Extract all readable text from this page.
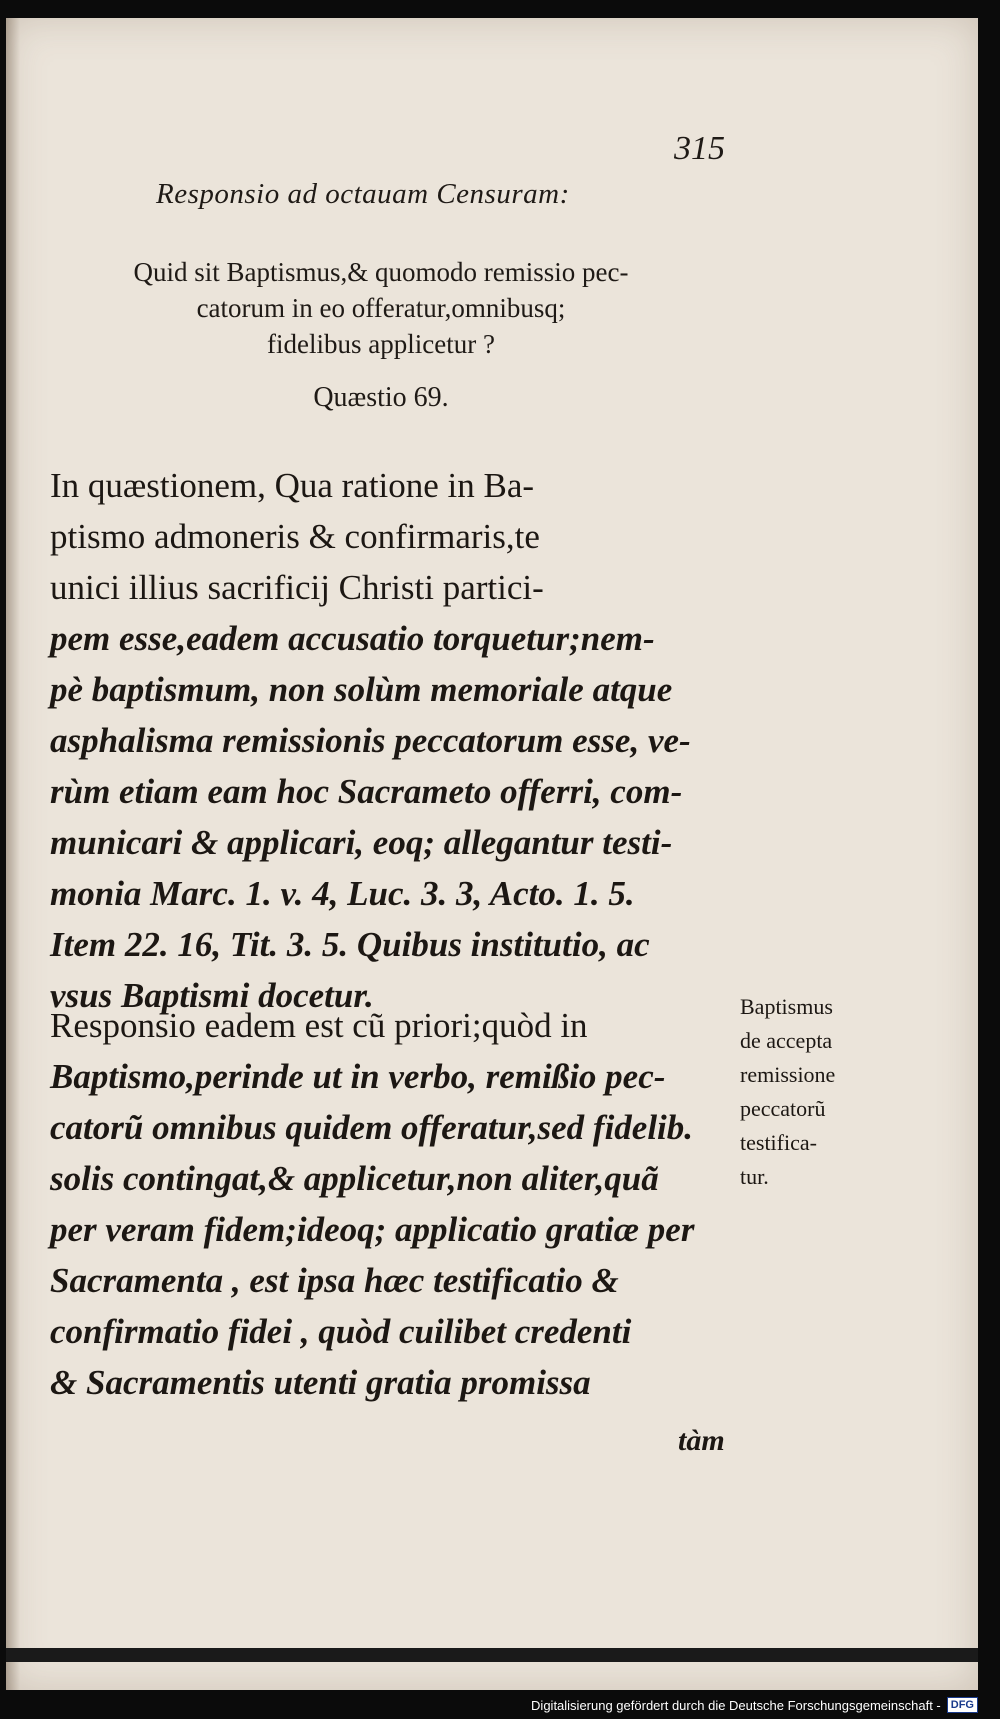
315
Responsio ad octauam Censuram:
Quid sit Baptismus,& quomodo remissio pec-
catorum in eo offeratur,omnibusq;
fidelibus applicetur ?
Quæstio 69.
In quæstionem, Qua ratione in Ba-
ptismo admoneris & confirmaris,te
unici illius sacrificij Christi partici-
pem esse,eadem accusatio torquetur;nem-
pè baptismum, non solùm memoriale atque
asphalisma remissionis peccatorum esse, ve-
rùm etiam eam hoc Sacrameto offerri, com-
municari & applicari, eoq; allegantur testi-
monia Marc. 1. v. 4, Luc. 3. 3, Acto. 1. 5.
Item 22. 16, Tit. 3. 5. Quibus institutio, ac
vsus Baptismi docetur.
Responsio eadem est cũ priori;quòd in
Baptismo,perinde ut in verbo, remißio pec-
catorũ omnibus quidem offeratur,sed fidelib.
solis contingat,& applicetur,non aliter,quã
per veram fidem;ideoq; applicatio gratiæ per
Sacramenta , est ipsa hæc testificatio &
confirmatio fidei , quòd cuilibet credenti
& Sacramentis utenti gratia promissa
tàm
Baptismus
de accepta
remissione
peccatorũ
testifica-
tur.
Digitalisierung gefördert durch die Deutsche Forschungsgemeinschaft - DFG
